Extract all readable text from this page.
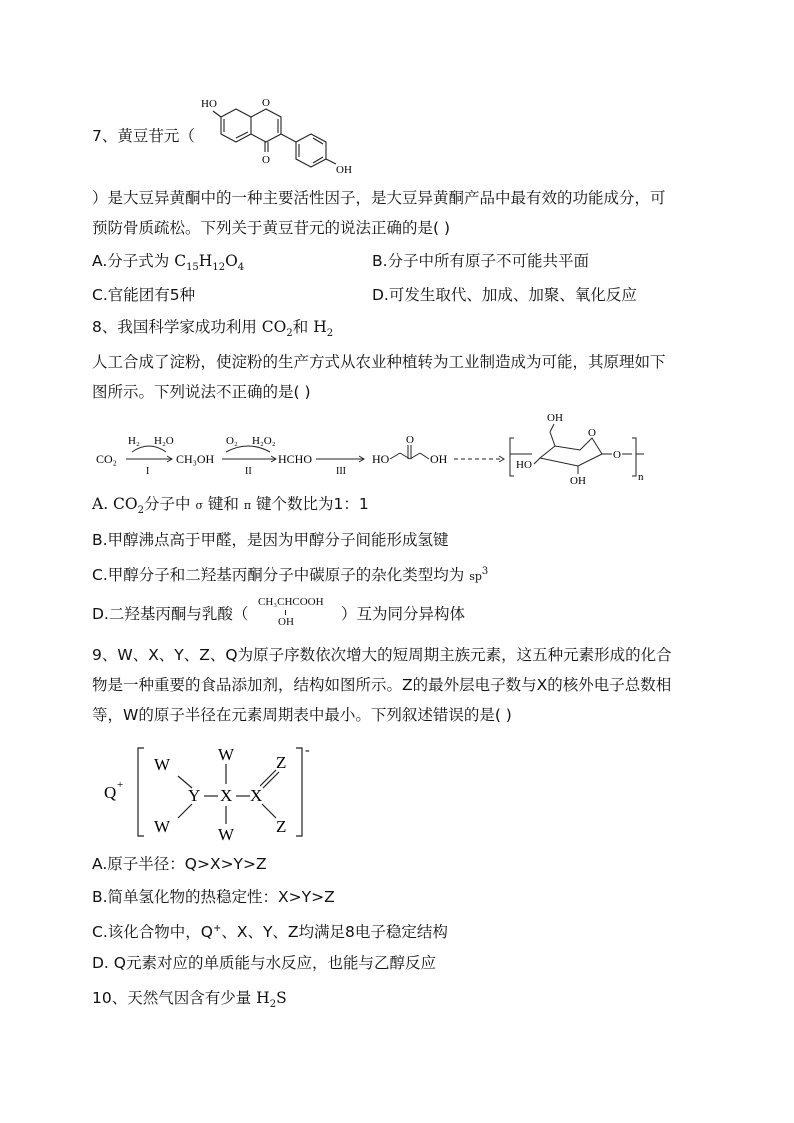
7、黄豆苷元（
HO	O
O
OH
）是大豆异黄酮中的一种主要活性因子，是大豆异黄酮产品中最有效的功能成分，可
预防骨质疏松。下列关于黄豆苷元的说法正确的是( )
A.分子式为 $C_{15}H_{12}O_4$	B.分子中所有原子不可能共平面
C.官能团有5种	D.可发生取代、加成、加聚、氧化反应
8、我国科学家成功利用 $CO_2$和 $H_2$
人工合成了淀粉，使淀粉的生产方式从农业种植转为工业制造成为可能，其原理如下
图所示。下列说法不正确的是( )
CO₂
H₂ H₂O
I
CH₃OH
O₂ H₂O₂
II
HCHO
III
HO
O
OH
OH
HO
OH
O
O
n
A. $CO_2$分子中 σ 键和 π 键个数比为1：1
B.甲醇沸点高于甲醛，是因为甲醇分子间能形成氢键
C.甲醇分子和二羟基丙酮分子中碳原子的杂化类型均为 $sp^3$
D.二羟基丙酮与乳酸（
CH₃CHCOOH
OH	）互为同分异构体
9、W、X、Y、Z、Q为原子序数依次增大的短周期主族元素，这五种元素形成的化合
物是一种重要的食品添加剂，结构如图所示。Z的最外层电子数与X的核外电子总数相
等，W的原子半径在元素周期表中最小。下列叙述错误的是( )
Q +
-
W
W
Y
W
X
W
X
Z
Z
A.原子半径：Q>X>Y>Z
B.简单氢化物的热稳定性：X>Y>Z
C.该化合物中，Q+、X、Y、Z均满足8电子稳定结构
D. Q元素对应的单质能与水反应，也能与乙醇反应
10、天然气因含有少量 $H_2S$
